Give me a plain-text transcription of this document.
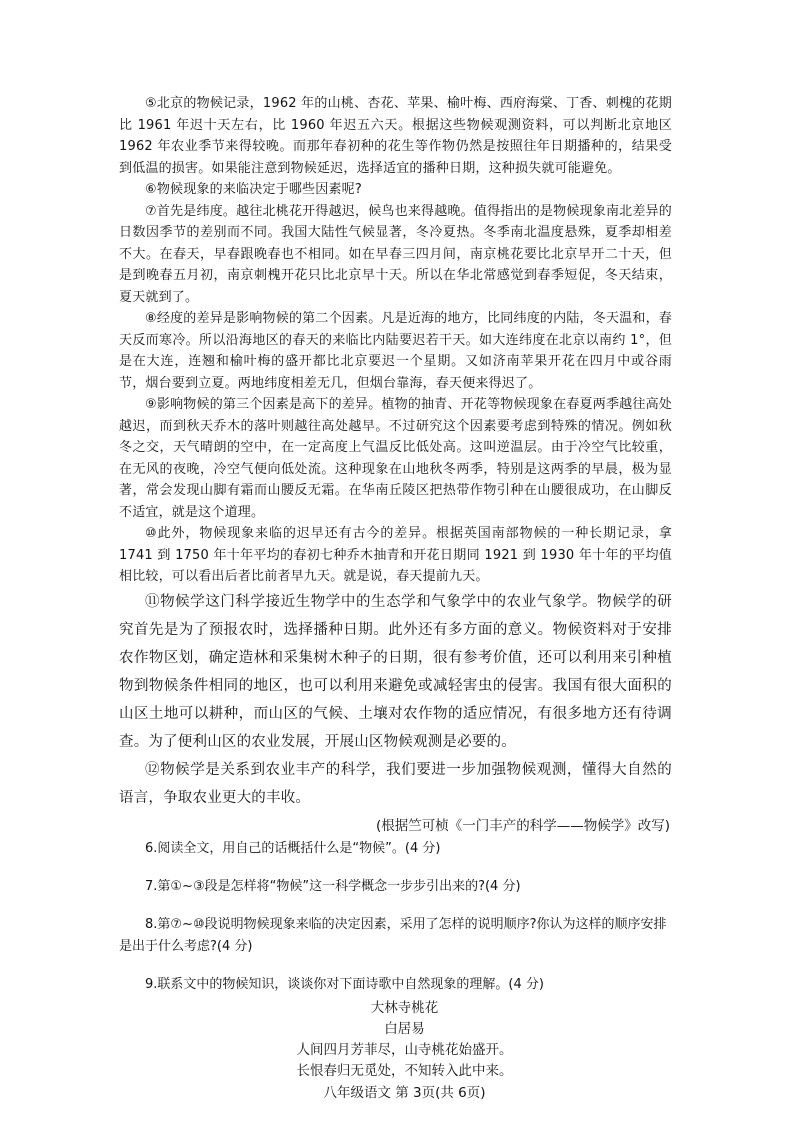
⑤北京的物候记录，1962 年的山桃、杏花、苹果、榆叶梅、西府海棠、丁香、刺槐的花期比 1961 年迟十天左右，比 1960 年迟五六天。根据这些物候观测资料，可以判断北京地区 1962 年农业季节来得较晚。而那年春初种的花生等作物仍然是按照往年日期播种的，结果受到低温的损害。如果能注意到物候延迟，选择适宜的播种日期，这种损失就可能避免。

⑥物候现象的来临决定于哪些因素呢?

⑦首先是纬度。越往北桃花开得越迟，候鸟也来得越晚。值得指出的是物候现象南北差异的日数因季节的差别而不同。我国大陆性气候显著，冬冷夏热。冬季南北温度悬殊，夏季却相差不大。在春天，早春跟晚春也不相同。如在早春三四月间，南京桃花要比北京早开二十天，但是到晚春五月初，南京刺槐开花只比北京早十天。所以在华北常感觉到春季短促，冬天结束，夏天就到了。

⑧经度的差异是影响物候的第二个因素。凡是近海的地方，比同纬度的内陆，冬天温和，春天反而寒冷。所以沿海地区的春天的来临比内陆要迟若干天。如大连纬度在北京以南约 1°，但是在大连，连翘和榆叶梅的盛开都比北京要迟一个星期。又如济南苹果开花在四月中或谷雨节，烟台要到立夏。两地纬度相差无几，但烟台靠海，春天便来得迟了。

⑨影响物候的第三个因素是高下的差异。植物的抽青、开花等物候现象在春夏两季越往高处越迟，而到秋天乔木的落叶则越往高处越早。不过研究这个因素要考虑到特殊的情况。例如秋冬之交，天气晴朗的空中，在一定高度上气温反比低处高。这叫逆温层。由于冷空气比较重，在无风的夜晚，冷空气便向低处流。这种现象在山地秋冬两季，特别是这两季的早晨，极为显著，常会发现山脚有霜而山腰反无霜。在华南丘陵区把热带作物引种在山腰很成功，在山脚反不适宜，就是这个道理。

⑩此外，物候现象来临的迟早还有古今的差异。根据英国南部物候的一种长期记录，拿 1741 到 1750 年十年平均的春初七种乔木抽青和开花日期同 1921 到 1930 年十年的平均值相比较，可以看出后者比前者早九天。就是说，春天提前九天。

⑪物候学这门科学接近生物学中的生态学和气象学中的农业气象学。物候学的研究首先是为了预报农时，选择播种日期。此外还有多方面的意义。物候资料对于安排农作物区划，确定造林和采集树木种子的日期，很有参考价值，还可以利用来引种植物到物候条件相同的地区，也可以利用来避免或减轻害虫的侵害。我国有很大面积的山区土地可以耕种，而山区的气候、土壤对农作物的适应情况，有很多地方还有待调查。为了便利山区的农业发展，开展山区物候观测是必要的。

⑫物候学是关系到农业丰产的科学，我们要进一步加强物候观测，懂得大自然的语言，争取农业更大的丰收。

(根据竺可桢《一门丰产的科学——物候学》改写)

6.阅读全文，用自己的话概括什么是“物候”。(4 分)

7.第①~③段是怎样将“物候”这一科学概念一步步引出来的?(4 分)

8.第⑦~⑩段说明物候现象来临的决定因素，采用了怎样的说明顺序?你认为这样的顺序安排是出于什么考虑?(4 分)

9.联系文中的物候知识，谈谈你对下面诗歌中自然现象的理解。(4 分)

大林寺桃花

白居易

人间四月芳菲尽，山寺桃花始盛开。

长恨春归无觅处，不知转入此中来。

八年级语文 第 3页(共 6页)
